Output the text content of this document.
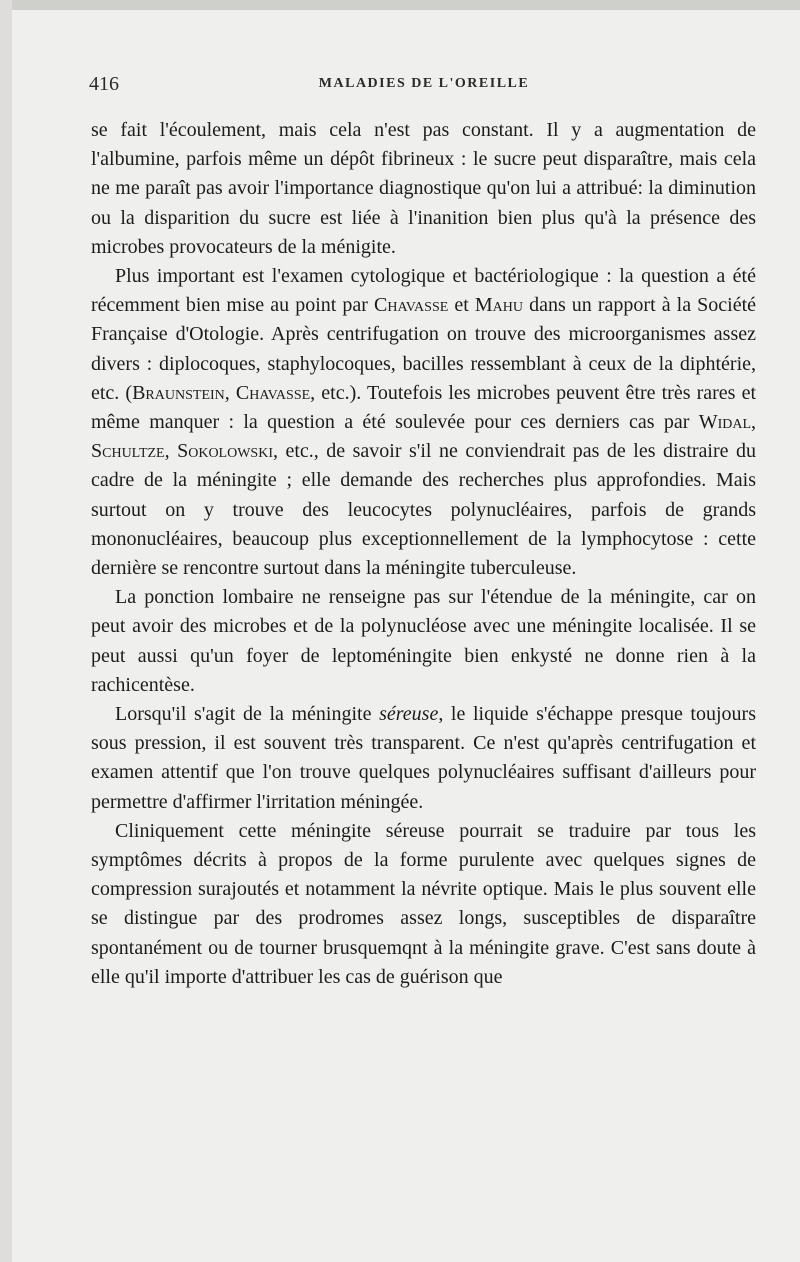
416	MALADIES DE L'OREILLE

se fait l'écoulement, mais cela n'est pas constant. Il y a augmentation de l'albumine, parfois même un dépôt fibrineux : le sucre peut disparaître, mais cela ne me paraît pas avoir l'importance diagnostique qu'on lui a attribué: la diminution ou la disparition du sucre est liée à l'inanition bien plus qu'à la présence des microbes provocateurs de la ménigite.

Plus important est l'examen cytologique et bactériologique : la question a été récemment bien mise au point par Chavasse et Mahu dans un rapport à la Société Française d'Otologie. Après centrifugation on trouve des microorganismes assez divers : diplocoques, staphylocoques, bacilles ressemblant à ceux de la diphtérie, etc. (Braunstein, Chavasse, etc.). Toutefois les microbes peuvent être très rares et même manquer : la question a été soulevée pour ces derniers cas par Widal, Schultze, Sokolowski, etc., de savoir s'il ne conviendrait pas de les distraire du cadre de la méningite ; elle demande des recherches plus approfondies. Mais surtout on y trouve des leucocytes polynucléaires, parfois de grands mononucléaires, beaucoup plus exceptionnellement de la lymphocytose : cette dernière se rencontre surtout dans la méningite tuberculeuse.

La ponction lombaire ne renseigne pas sur l'étendue de la méningite, car on peut avoir des microbes et de la polynucléose avec une méningite localisée. Il se peut aussi qu'un foyer de leptoméningite bien enkysté ne donne rien à la rachicentèse.

Lorsqu'il s'agit de la méningite séreuse, le liquide s'échappe presque toujours sous pression, il est souvent très transparent. Ce n'est qu'après centrifugation et examen attentif que l'on trouve quelques polynucléaires suffisant d'ailleurs pour permettre d'affirmer l'irritation méningée.

Cliniquement cette méningite séreuse pourrait se traduire par tous les symptômes décrits à propos de la forme purulente avec quelques signes de compression surajoutés et notamment la névrite optique. Mais le plus souvent elle se distingue par des prodromes assez longs, susceptibles de disparaître spontanément ou de tourner brusquemqnt à la méningite grave. C'est sans doute à elle qu'il importe d'attribuer les cas de guérison que
